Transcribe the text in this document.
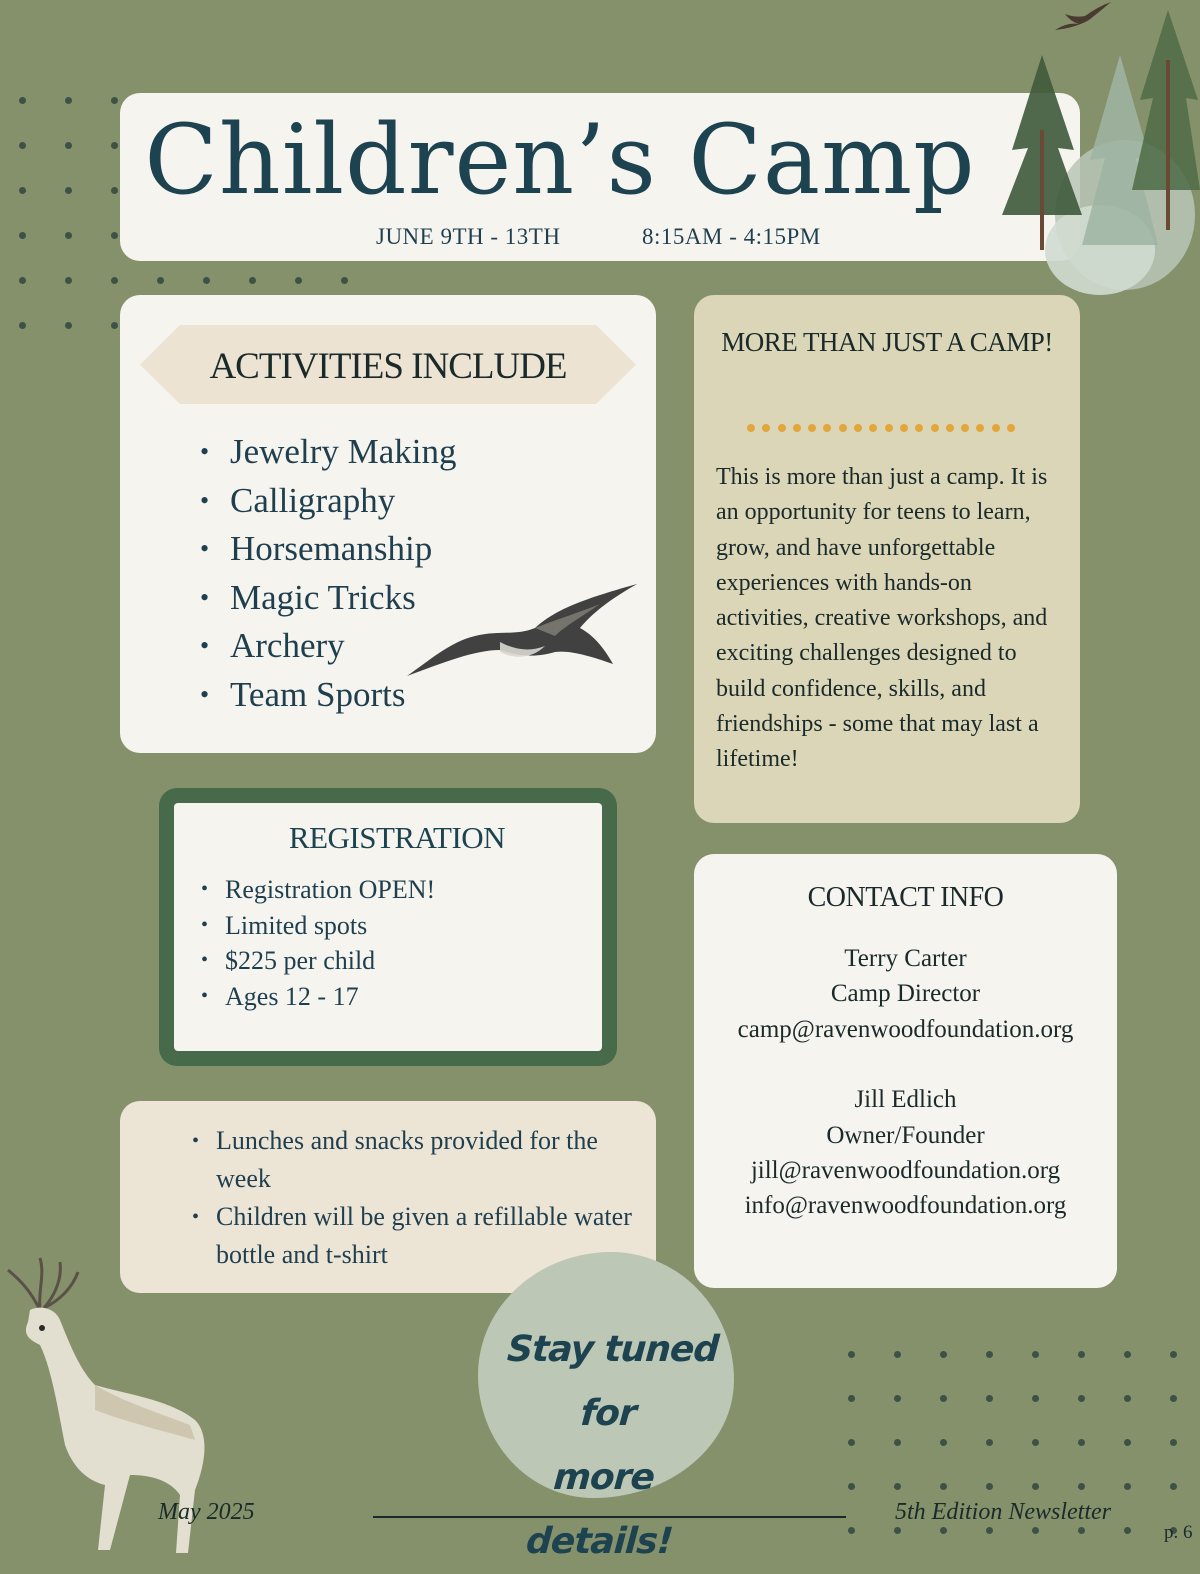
Children’s Camp
JUNE 9TH - 13TH	8:15AM - 4:15PM
ACTIVITIES INCLUDE
• Jewelry Making
• Calligraphy
• Horsemanship
• Magic Tricks
• Archery
• Team Sports
MORE THAN JUST A CAMP!

This is more than just a camp. It is an opportunity for teens to learn, grow, and have unforgettable experiences with hands-on activities, creative workshops, and exciting challenges designed to build confidence, skills, and friendships - some that may last a lifetime!

REGISTRATION
• Registration OPEN!
• Limited spots
• $225 per child
• Ages 12 - 17
• Lunches and snacks provided for the week
• Children will be given a refillable water bottle and t-shirt
CONTACT INFO
Terry Carter
Camp Director
camp@ravenwoodfoundation.org
Jill Edlich
Owner/Founder
jill@ravenwoodfoundation.org
info@ravenwoodfoundation.org
Stay tuned for
more details!
May 2025	5th Edition Newsletter
p. 6
